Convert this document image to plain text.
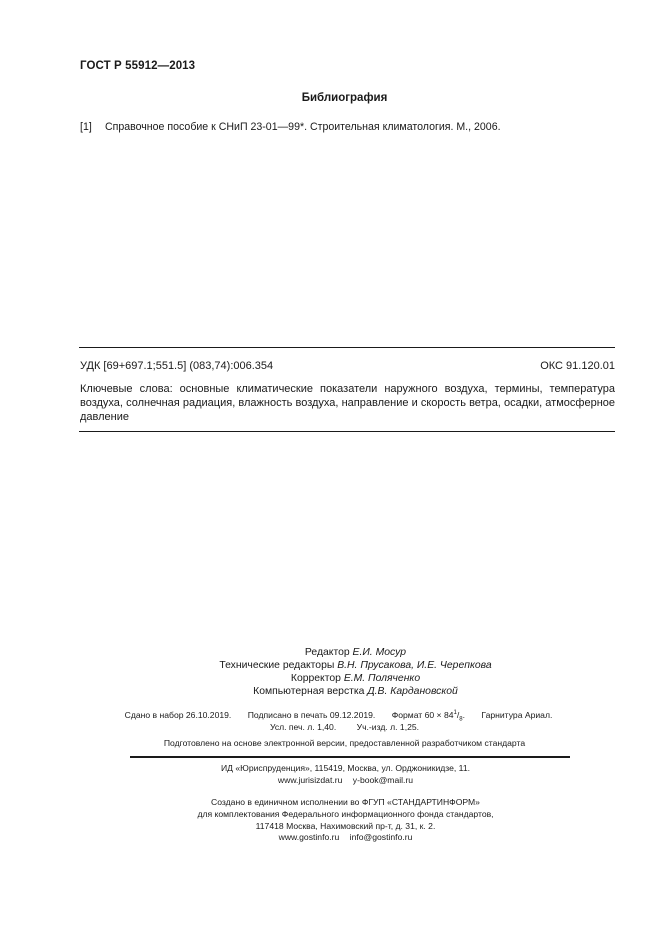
ГОСТ Р 55912—2013
Библиография
[1] Справочное пособие к СНиП 23-01—99*. Строительная климатология. М., 2006.
УДК [69+697.1;551.5] (083,74):006.354	ОКС 91.120.01
Ключевые слова: основные климатические показатели наружного воздуха, термины, температура воздуха, солнечная радиация, влажность воздуха, направление и скорость ветра, осадки, атмосферное давление
Редактор Е.И. Мосур
Технические редакторы В.Н. Прусакова, И.Е. Черепкова
Корректор Е.М. Поляченко
Компьютерная верстка Д.В. Кардановской
Сдано в набор 26.10.2019. Подписано в печать 09.12.2019. Формат $60 \times 84^1/_8$. Гарнитура Ариал.
Усл. печ. л. 1,40. Уч.-изд. л. 1,25.
Подготовлено на основе электронной версии, предоставленной разработчиком стандарта
ИД «Юриспруденция», 115419, Москва, ул. Орджоникидзе, 11.
www.jurisizdat.ru y-book@mail.ru
Создано в единичном исполнении во ФГУП «СТАНДАРТИНФОРМ»
для комплектования Федерального информационного фонда стандартов,
117418 Москва, Нахимовский пр-т, д. 31, к. 2.
www.gostinfo.ru info@gostinfo.ru
